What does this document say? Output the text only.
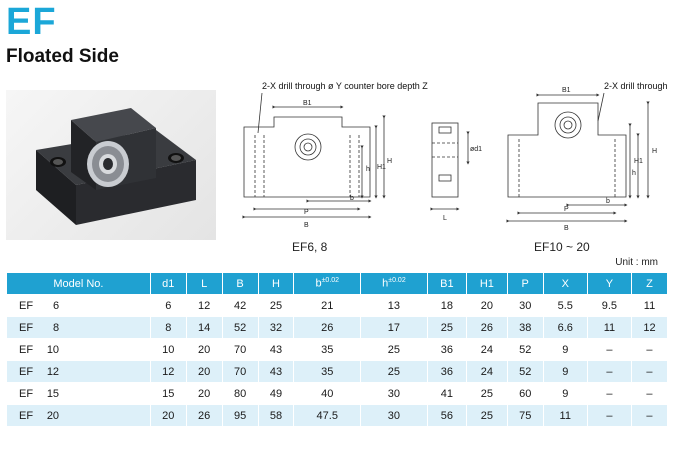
EF
Floated Side
2-X drill through ø Y counter bore depth Z	2-X drill through
B1
b
P
B
H
h H1
ød1
L
B1
b
P
B
H
H1
h
EF6, 8	EF10 ~ 20
Unit : mm
Model No.	d1	L	B	H	$b^{\pm 0.02}$	$h^{\pm 0.02}$	B1	H1	P	X	Y	Z
EF 6	6	12	42	25	21	13	18	20	30	5.5	9.5	11
EF 8	8	14	52	32	26	17	25	26	38	6.6	11	12
EF 10	10	20	70	43	35	25	36	24	52	9	–	–
EF 12	12	20	70	43	35	25	36	24	52	9	–	–
EF 15	15	20	80	49	40	30	41	25	60	9	–	–
EF 20	20	26	95	58	47.5	30	56	25	75	11	–	–
